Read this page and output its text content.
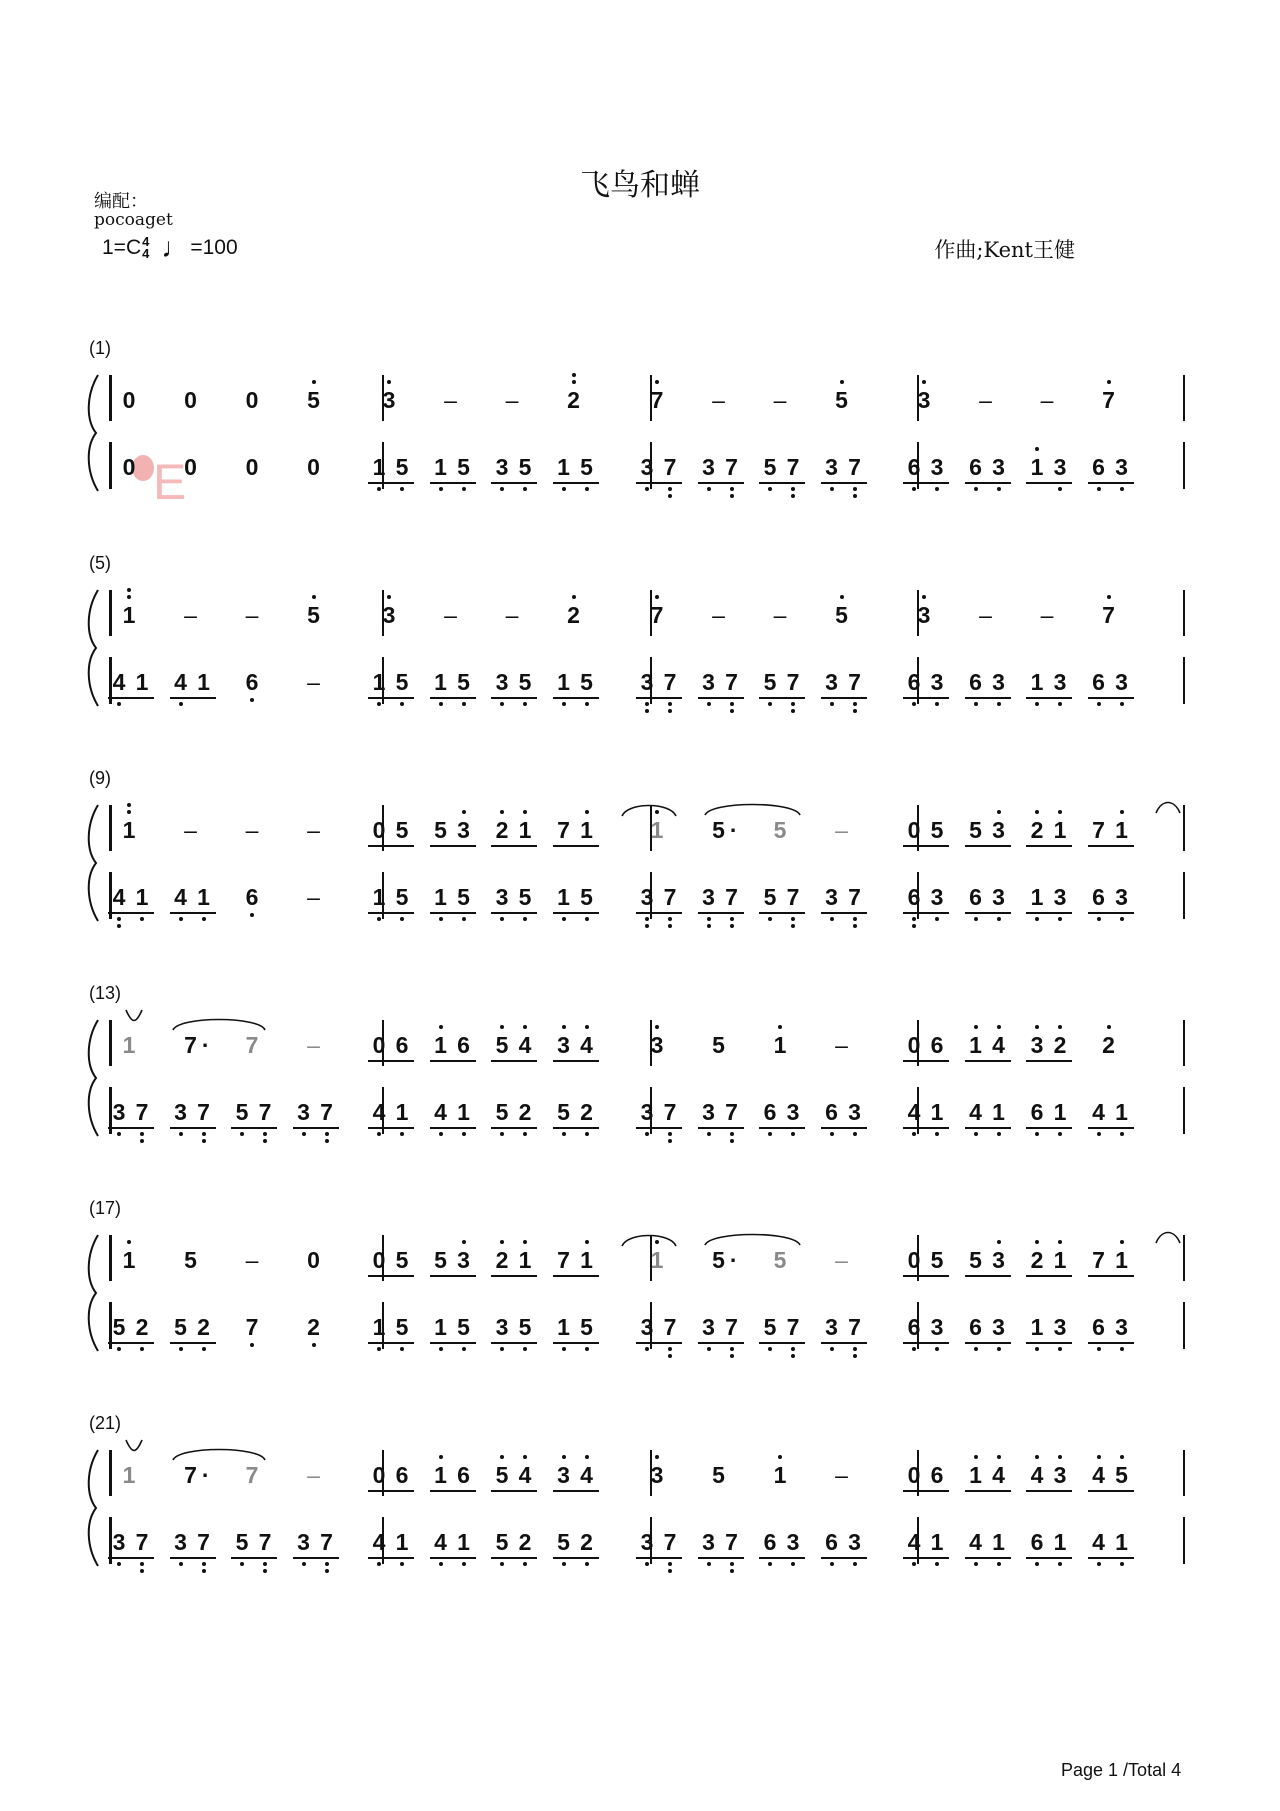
飞鸟和蝉
编配：
pocoaget
1=C 4
4 ♩ =100	作曲;Kent王健
(1)
0	0	0	5	3	–	–	2	7	–	–	5	3	–	–	7
0	0	0	0	1 5	1 5	3 5	1 5	3 7	3 7	5 7	3 7	6 3	6 3	1 3	6 3
(5)
1	–	–	5	3	–	–	2	7	–	–	5	3	–	–	7
4 1	4 1	6	–	1 5	1 5	3 5	1 5	3 7	3 7	5 7	3 7	6 3	6 3	1 3	6 3
(9)
1	–	–	–	0 5	5 3	2 1	7 1	1	5 ·	5	–	0 5	5 3	2 1	7 1
4 1	4 1	6	–	1 5	1 5	3 5	1 5	3 7	3 7	5 7	3 7	6 3	6 3	1 3	6 3
(13)
1	7 ·	7	–	0 6	1 6	5 4	3 4	3	5	1	–	0 6	1 4	3 2	2
3 7	3 7	5 7	3 7	4 1	4 1	5 2	5 2	3 7	3 7	6 3	6 3	4 1	4 1	6 1	4 1
(17)
1	5	–	0	0 5	5 3	2 1	7 1	1	5 ·	5	–	0 5	5 3	2 1	7 1
5 2	5 2	7	2	1 5	1 5	3 5	1 5	3 7	3 7	5 7	3 7	6 3	6 3	1 3	6 3
(21)
1	7 ·	7	–	0 6	1 6	5 4	3 4	3	5	1	–	0 6	1 4	4 3	4 5
3 7	3 7	5 7	3 7	4 1	4 1	5 2	5 2	3 7	3 7	6 3	6 3	4 1	4 1	6 1	4 1
E
Page 1 /Total 4
